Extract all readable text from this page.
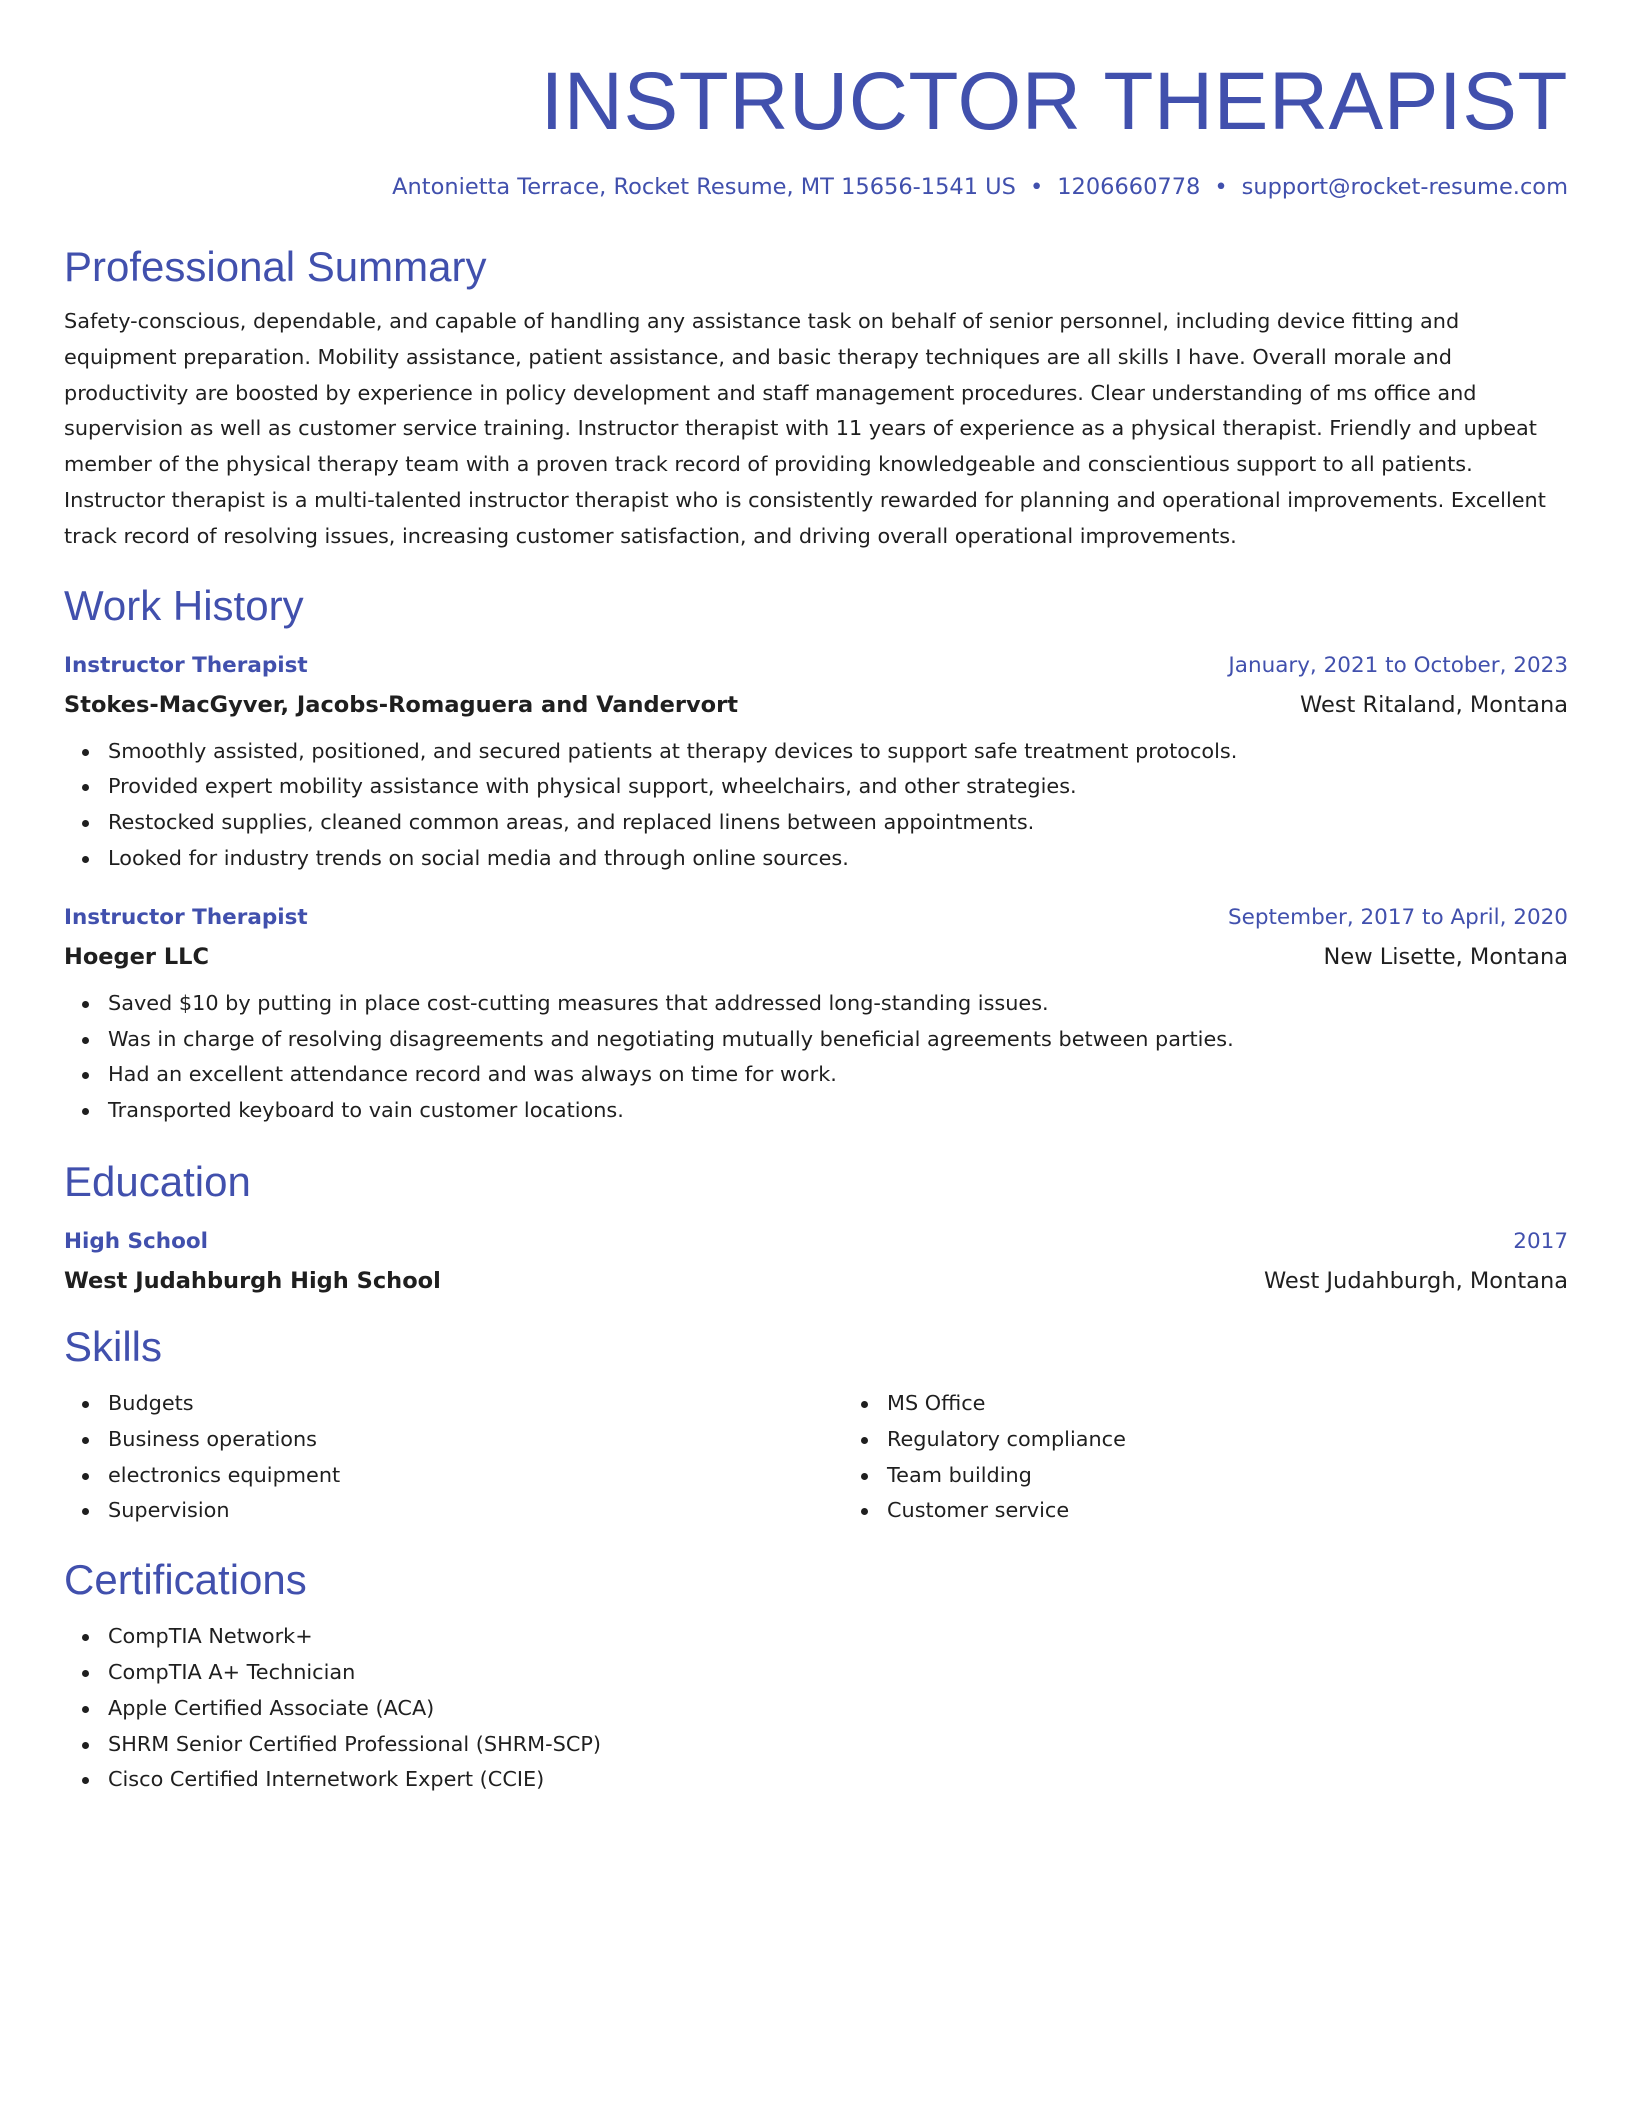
INSTRUCTOR THERAPIST
Antonietta Terrace, Rocket Resume, MT 15656-1541 US • 1206660778 • support@rocket-resume.com
Professional Summary

Safety-conscious, dependable, and capable of handling any assistance task on behalf of senior personnel, including device fitting and equipment preparation. Mobility assistance, patient assistance, and basic therapy techniques are all skills I have. Overall morale and productivity are boosted by experience in policy development and staff management procedures. Clear understanding of ms office and supervision as well as customer service training. Instructor therapist with 11 years of experience as a physical therapist. Friendly and upbeat member of the physical therapy team with a proven track record of providing knowledgeable and conscientious support to all patients. Instructor therapist is a multi-talented instructor therapist who is consistently rewarded for planning and operational improvements. Excellent track record of resolving issues, increasing customer satisfaction, and driving overall operational improvements.

Work History
Instructor Therapist	January, 2021 to October, 2023
Stokes-MacGyver, Jacobs-Romaguera and Vandervort	West Ritaland, Montana
Smoothly assisted, positioned, and secured patients at therapy devices to support safe treatment protocols.
Provided expert mobility assistance with physical support, wheelchairs, and other strategies.
Restocked supplies, cleaned common areas, and replaced linens between appointments.
Looked for industry trends on social media and through online sources.
Instructor Therapist	September, 2017 to April, 2020
Hoeger LLC	New Lisette, Montana
Saved $10 by putting in place cost-cutting measures that addressed long-standing issues.
Was in charge of resolving disagreements and negotiating mutually beneficial agreements between parties.
Had an excellent attendance record and was always on time for work.
Transported keyboard to vain customer locations.
Education
High School	2017
West Judahburgh High School	West Judahburgh, Montana
Skills
Budgets
Business operations
electronics equipment
Supervision
MS Office
Regulatory compliance
Team building
Customer service
Certifications
CompTIA Network+
CompTIA A+ Technician
Apple Certified Associate (ACA)
SHRM Senior Certified Professional (SHRM-SCP)
Cisco Certified Internetwork Expert (CCIE)
